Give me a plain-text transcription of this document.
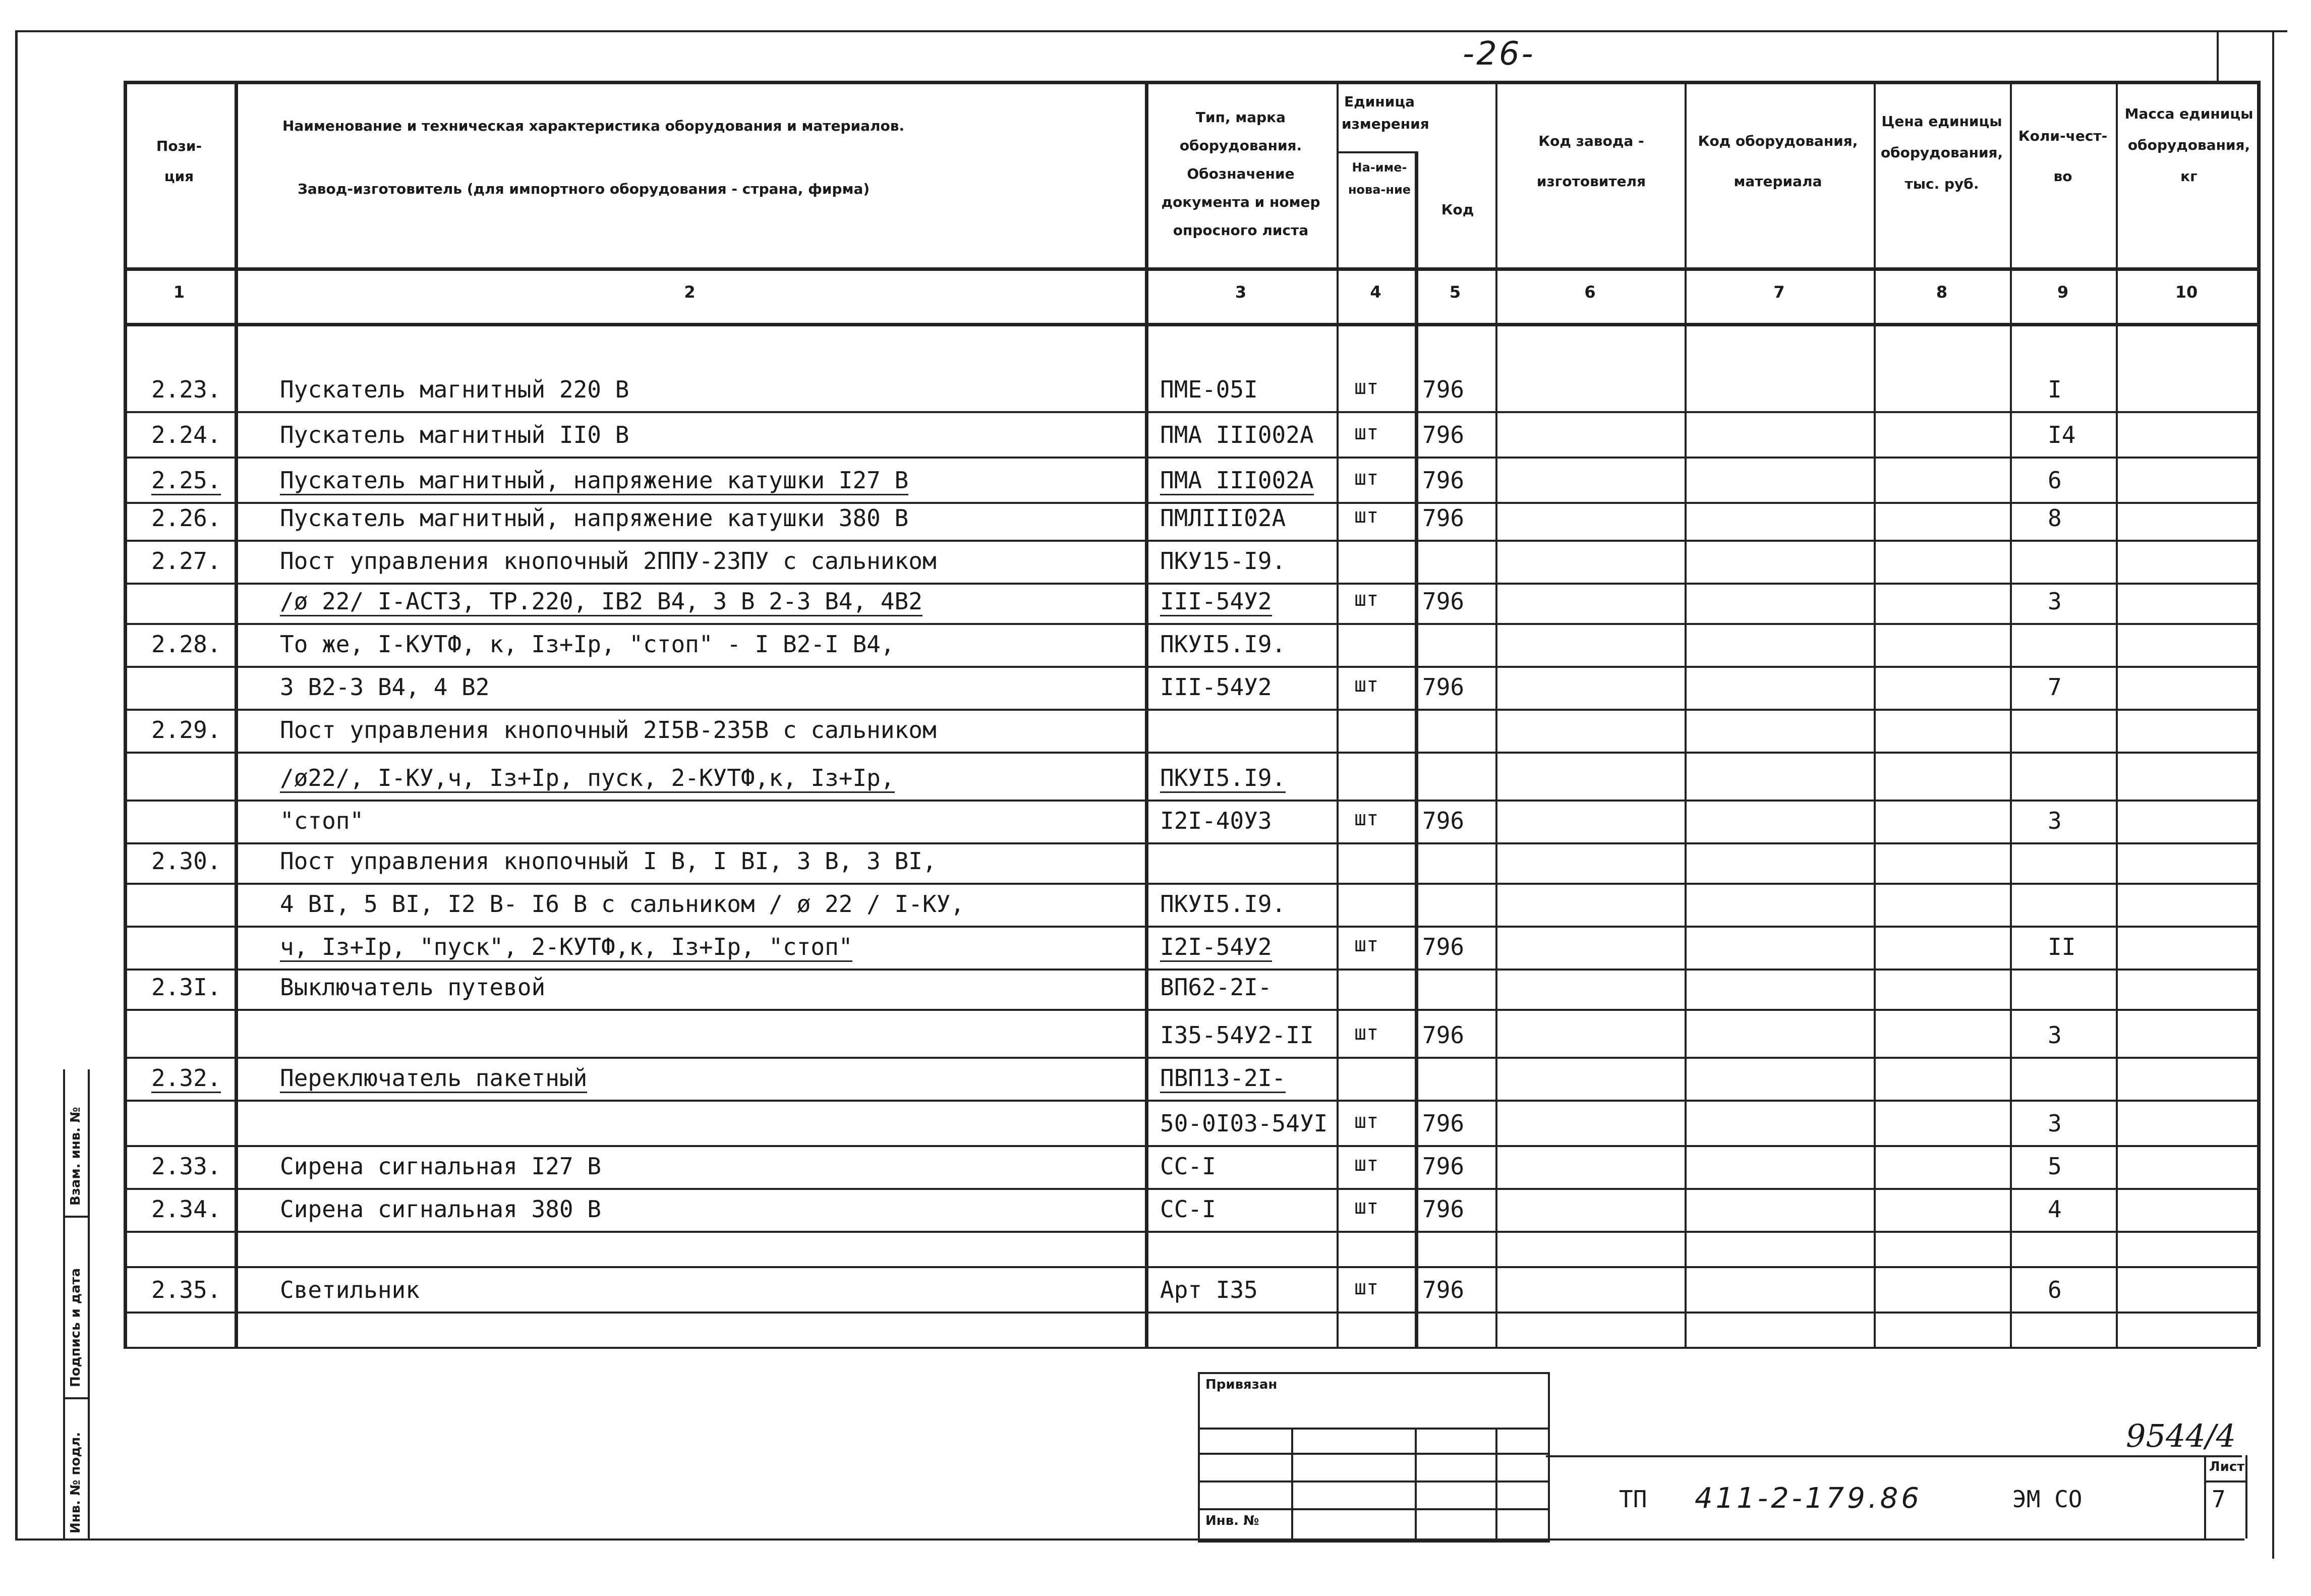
-26-
Пози-
ция
Наименование и техническая характеристика оборудования и материалов.
Завод-изготовитель (для импортного оборудования - страна, фирма)
Тип, марка оборудования. Обозначение документа и номер опросного листа
Единица измерения
На-име-нова-ние
Код
Код завода - изготовителя
Код оборудования, материала
Цена единицы оборудования, тыс. руб.
Коли-чест-во
Масса единицы оборудования, кг
1	2	3	4	5	6	7	8	9	10
2.23.	Пускатель магнитный 220 В	ПМЕ-05I	шт 796	I
2.24.	Пускатель магнитный II0 В	ПМА III002А шт 796	I4
2.25.	Пускатель магнитный, напряжение катушки I27 В	ПМА III002А шт 796	6
2.26.	Пускатель магнитный, напряжение катушки 380 В	ПМЛIII02А	шт 796	8
2.27.	Пост управления кнопочный 2ППУ-23ПУ с сальником	ПКУ15-I9.
/ø 22/ I-АСТ3, ТР.220, IВ2 В4, 3 В 2-3 В4, 4В2	III-54У2	шт 796	3
2.28.	То же, I-КУТФ, к, Iз+Iр, "стоп" - I В2-I В4,	ПКУI5.I9.
3 В2-3 В4, 4 В2	III-54У2	шт 796	7
2.29.	Пост управления кнопочный 2I5В-235В с сальником
/ø22/, I-КУ,ч, Iз+Iр, пуск, 2-КУТФ,к, Iз+Iр,	ПКУI5.I9.
"стоп"	I2I-40У3	шт 796	3
2.30.	Пост управления кнопочный I В, I ВI, 3 В, 3 ВI,
4 ВI, 5 ВI, I2 В- I6 В с сальником / ø 22 / I-КУ,	ПКУI5.I9.
ч, Iз+Iр, "пуск", 2-КУТФ,к, Iз+Iр, "стоп"	I2I-54У2	шт 796	II
2.3I.	Выключатель путевой	ВП62-2I-
I35-54У2-II шт 796	3
2.32.	Переключатель пакетный	ПВП13-2I-
50-0I03-54УI шт 796	3
2.33.	Сирена сигнальная I27 В	СС-I	шт 796	5
2.34.	Сирена сигнальная 380 В	СС-I	шт 796	4
2.35.	Светильник	Арт I35	шт 796	6
Взам. инв. №
Подпись и дата
Инв. № подл.
Привязан
Инв. №
Лист
7
ТП 411-2-179.86	ЭМ СО
9544/4
